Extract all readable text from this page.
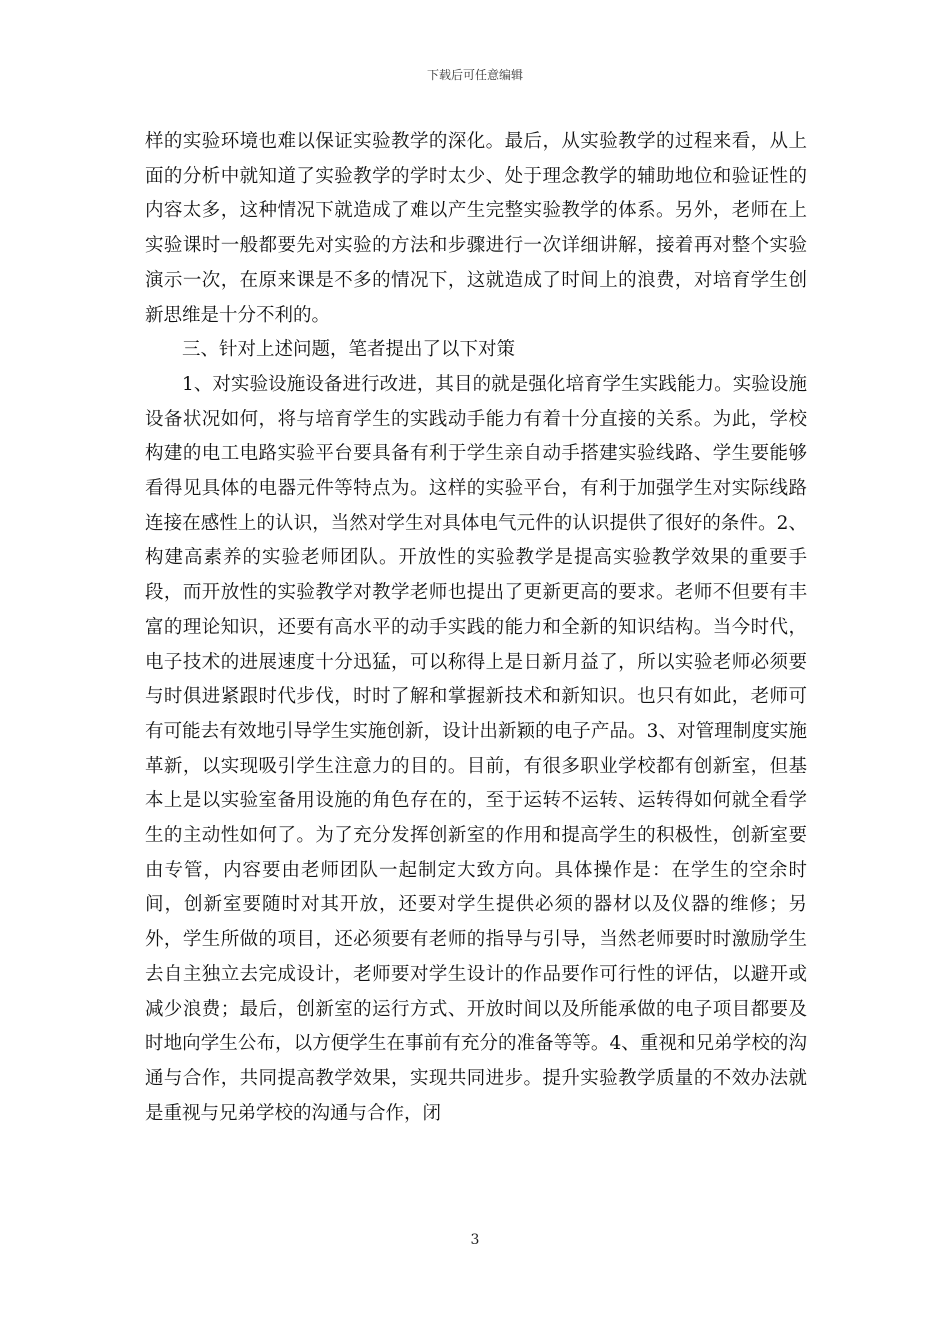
下载后可任意编辑

样的实验环境也难以保证实验教学的深化。最后，从实验教学的过程来看，从上面的分析中就知道了实验教学的学时太少、处于理念教学的辅助地位和验证性的内容太多，这种情况下就造成了难以产生完整实验教学的体系。另外，老师在上实验课时一般都要先对实验的方法和步骤进行一次详细讲解，接着再对整个实验演示一次，在原来课是不多的情况下，这就造成了时间上的浪费，对培育学生创新思维是十分不利的。

三、针对上述问题，笔者提出了以下对策

1、对实验设施设备进行改进，其目的就是强化培育学生实践能力。实验设施设备状况如何，将与培育学生的实践动手能力有着十分直接的关系。为此，学校构建的电工电路实验平台要具备有利于学生亲自动手搭建实验线路、学生要能够看得见具体的电器元件等特点为。这样的实验平台，有利于加强学生对实际线路连接在感性上的认识，当然对学生对具体电气元件的认识提供了很好的条件。2、构建高素养的实验老师团队。开放性的实验教学是提高实验教学效果的重要手段，而开放性的实验教学对教学老师也提出了更新更高的要求。老师不但要有丰富的理论知识，还要有高水平的动手实践的能力和全新的知识结构。当今时代，电子技术的进展速度十分迅猛，可以称得上是日新月益了，所以实验老师必须要与时俱进紧跟时代步伐，时时了解和掌握新技术和新知识。也只有如此，老师可有可能去有效地引导学生实施创新，设计出新颖的电子产品。3、对管理制度实施革新，以实现吸引学生注意力的目的。目前，有很多职业学校都有创新室，但基本上是以实验室备用设施的角色存在的，至于运转不运转、运转得如何就全看学生的主动性如何了。为了充分发挥创新室的作用和提高学生的积极性，创新室要由专管，内容要由老师团队一起制定大致方向。具体操作是：在学生的空余时间，创新室要随时对其开放，还要对学生提供必须的器材以及仪器的维修；另外，学生所做的项目，还必须要有老师的指导与引导，当然老师要时时激励学生去自主独立去完成设计，老师要对学生设计的作品要作可行性的评估，以避开或减少浪费；最后，创新室的运行方式、开放时间以及所能承做的电子项目都要及时地向学生公布，以方便学生在事前有充分的准备等等。4、重视和兄弟学校的沟通与合作，共同提高教学效果，实现共同进步。提升实验教学质量的不效办法就是重视与兄弟学校的沟通与合作，闭

3
